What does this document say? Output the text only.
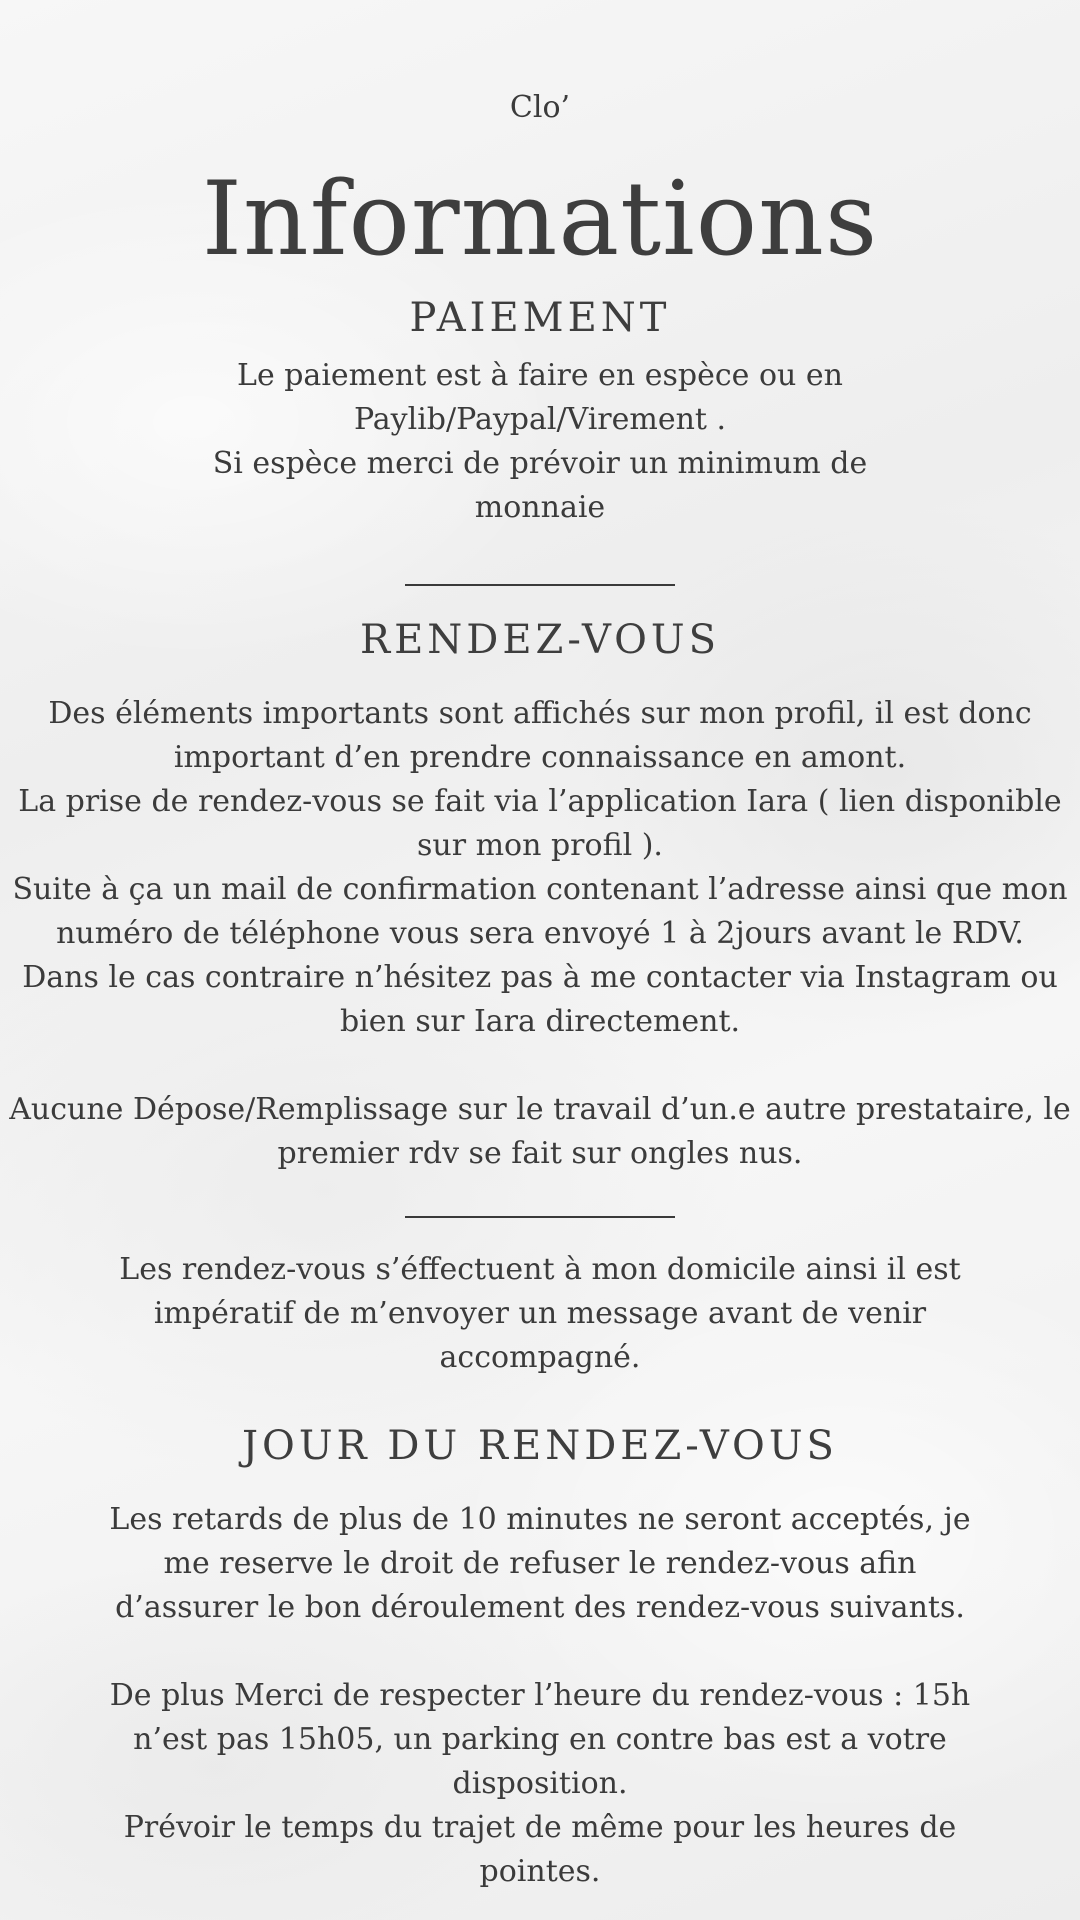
Clo’
Informations
PAIEMENT
Le paiement est à faire en espèce ou en
Paylib/Paypal/Virement .
Si espèce merci de prévoir un minimum de
monnaie
RENDEZ-VOUS
Des éléments importants sont affichés sur mon profil, il est donc
important d’en prendre connaissance en amont.
La prise de rendez-vous se fait via l’application Iara ( lien disponible
sur mon profil ).
Suite à ça un mail de confirmation contenant l’adresse ainsi que mon
numéro de téléphone vous sera envoyé 1 à 2jours avant le RDV.
Dans le cas contraire n’hésitez pas à me contacter via Instagram ou
bien sur Iara directement.
Aucune Dépose/Remplissage sur le travail d’un.e autre prestataire, le
premier rdv se fait sur ongles nus.
Les rendez-vous s’éffectuent à mon domicile ainsi il est
impératif de m’envoyer un message avant de venir
accompagné.
JOUR DU RENDEZ-VOUS
Les retards de plus de 10 minutes ne seront acceptés, je
me reserve le droit de refuser le rendez-vous afin
d’assurer le bon déroulement des rendez-vous suivants.
De plus Merci de respecter l’heure du rendez-vous : 15h
n’est pas 15h05, un parking en contre bas est a votre
disposition.
Prévoir le temps du trajet de même pour les heures de
pointes.
